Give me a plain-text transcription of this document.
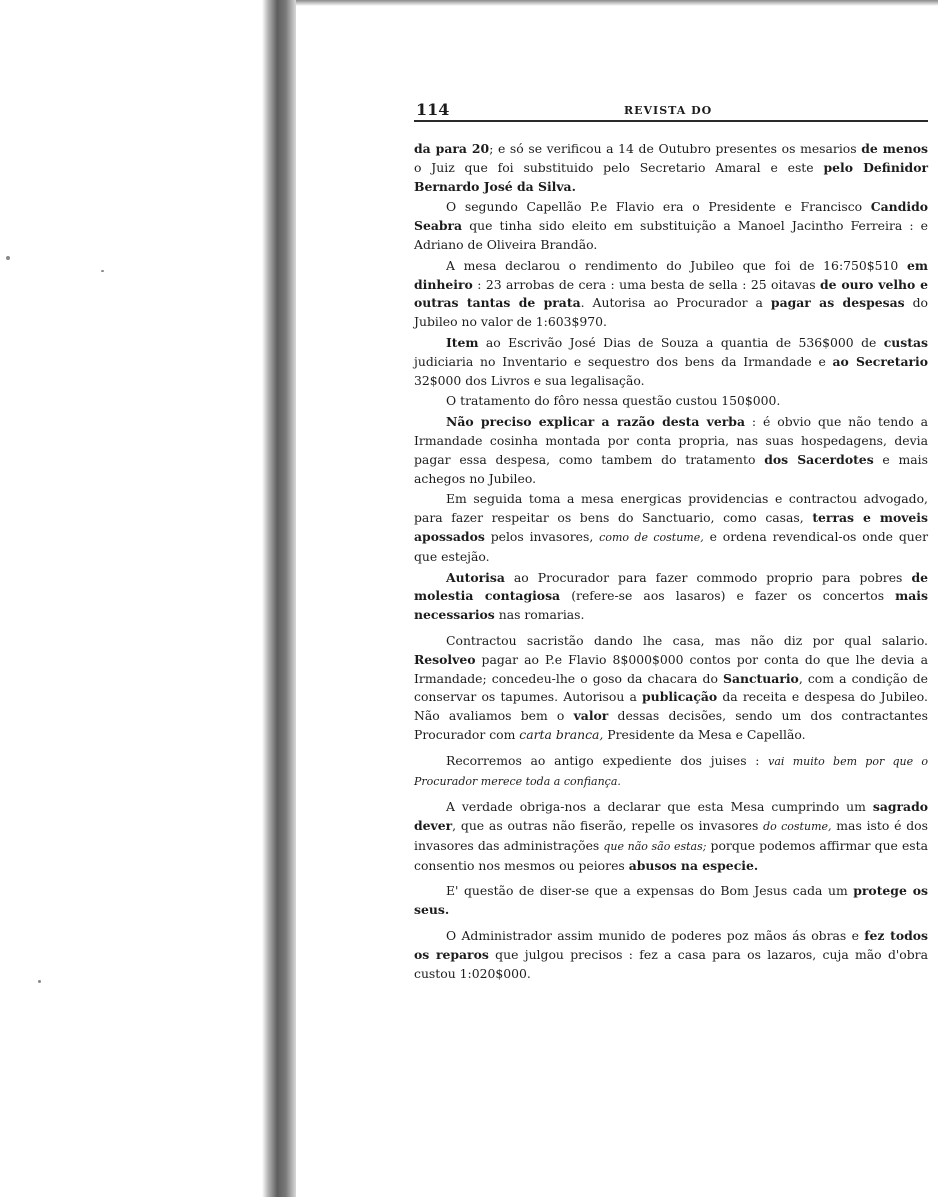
114	REVISTA DO

da para 20; e só se verificou a 14 de Outubro presentes os mesarios de menos o Juiz que foi substituido pelo Secretario Amaral e este pelo Definidor Bernardo José da Silva.

O segundo Capellão P.e Flavio era o Presidente e Francisco Candido Seabra que tinha sido eleito em substituição a Manoel Jacintho Ferreira : e Adriano de Oliveira Brandão.

A mesa declarou o rendimento do Jubileo que foi de 16:750$510 em dinheiro : 23 arrobas de cera : uma besta de sella : 25 oitavas de ouro velho e outras tantas de prata. Autorisa ao Procurador a pagar as despesas do Jubileo no valor de 1:603$970.

Item ao Escrivão José Dias de Souza a quantia de 536$000 de custas judiciaria no Inventario e sequestro dos bens da Irmandade e ao Secretario 32$000 dos Livros e sua legalisação.

O tratamento do fôro nessa questão custou 150$000.

Não preciso explicar a razão desta verba : é obvio que não tendo a Irmandade cosinha montada por conta propria, nas suas hospedagens, devia pagar essa despesa, como tambem do tratamento dos Sacerdotes e mais achegos no Jubileo.

Em seguida toma a mesa energicas providencias e contractou advogado, para fazer respeitar os bens do Sanctuario, como casas, terras e moveis apossados pelos invasores, como de costume, e ordena revendical-os onde quer que estejão.

Autorisa ao Procurador para fazer commodo proprio para pobres de molestia contagiosa (refere-se aos lasaros) e fazer os concertos mais necessarios nas romarias.

Contractou sacristão dando lhe casa, mas não diz por qual salario. Resolveo pagar ao P.e Flavio 8$000$000 contos por conta do que lhe devia a Irmandade; concedeu-lhe o goso da chacara do Sanctuario, com a condição de conservar os tapumes. Autorisou a publicação da receita e despesa do Jubileo. Não avaliamos bem o valor dessas decisões, sendo um dos contractantes Procurador com carta branca, Presidente da Mesa e Capellão.

Recorremos ao antigo expediente dos juises : vai muito bem por que o Procurador merece toda a confiança.

A verdade obriga-nos a declarar que esta Mesa cumprindo um sagrado dever, que as outras não fiserão, repelle os invasores do costume, mas isto é dos invasores das administrações que não são estas; porque podemos affirmar que esta consentio nos mesmos ou peiores abusos na especie.

E' questão de diser-se que a expensas do Bom Jesus cada um protege os seus.

O Administrador assim munido de poderes poz mãos ás obras e fez todos os reparos que julgou precisos : fez a casa para os lazaros, cuja mão d'obra custou 1:020$000.
